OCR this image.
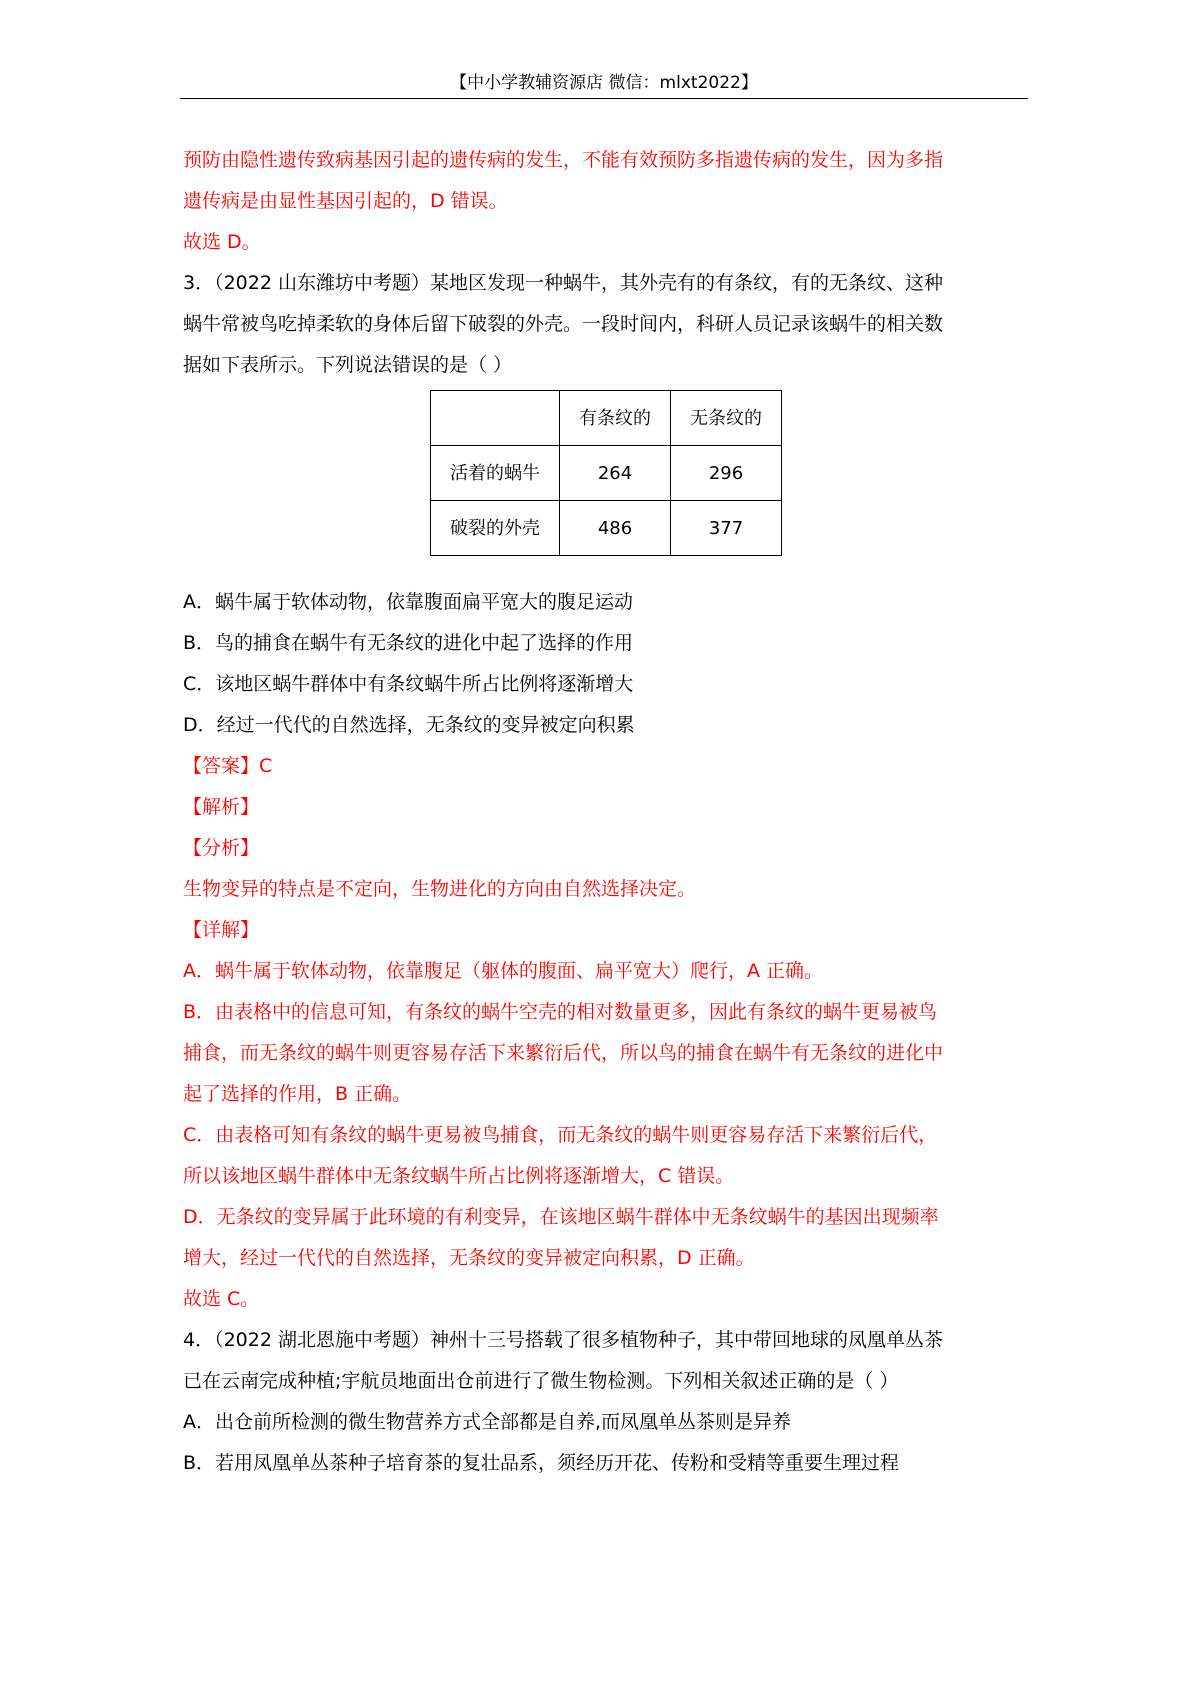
【中小学教辅资源店 微信：mlxt2022】
预防由隐性遗传致病基因引起的遗传病的发生，不能有效预防多指遗传病的发生，因为多指
遗传病是由显性基因引起的，D 错误。
故选 D。
3．（2022 山东潍坊中考题）某地区发现一种蜗牛，其外壳有的有条纹，有的无条纹、这种
蜗牛常被鸟吃掉柔软的身体后留下破裂的外壳。一段时间内，科研人员记录该蜗牛的相关数
据如下表所示。下列说法错误的是（ ）
	有条纹的	无条纹的
活着的蜗牛	264	296
破裂的外壳	486	377
A．蜗牛属于软体动物，依靠腹面扁平宽大的腹足运动
B．鸟的捕食在蜗牛有无条纹的进化中起了选择的作用
C．该地区蜗牛群体中有条纹蜗牛所占比例将逐渐增大
D．经过一代代的自然选择，无条纹的变异被定向积累
【答案】C
【解析】
【分析】
生物变异的特点是不定向，生物进化的方向由自然选择决定。
【详解】
A．蜗牛属于软体动物，依靠腹足（躯体的腹面、扁平宽大）爬行，A 正确。
B．由表格中的信息可知，有条纹的蜗牛空壳的相对数量更多，因此有条纹的蜗牛更易被鸟
捕食，而无条纹的蜗牛则更容易存活下来繁衍后代，所以鸟的捕食在蜗牛有无条纹的进化中
起了选择的作用，B 正确。
C．由表格可知有条纹的蜗牛更易被鸟捕食，而无条纹的蜗牛则更容易存活下来繁衍后代，
所以该地区蜗牛群体中无条纹蜗牛所占比例将逐渐增大，C 错误。
D．无条纹的变异属于此环境的有利变异，在该地区蜗牛群体中无条纹蜗牛的基因出现频率
增大，经过一代代的自然选择，无条纹的变异被定向积累，D 正确。
故选 C。
4．（2022 湖北恩施中考题）神州十三号搭载了很多植物种子，其中带回地球的凤凰单丛茶
已在云南完成种植;宇航员地面出仓前进行了微生物检测。下列相关叙述正确的是（ ）
A．出仓前所检测的微生物营养方式全部都是自养,而凤凰单丛茶则是异养
B．若用凤凰单丛茶种子培育茶的复壮品系，须经历开花、传粉和受精等重要生理过程
